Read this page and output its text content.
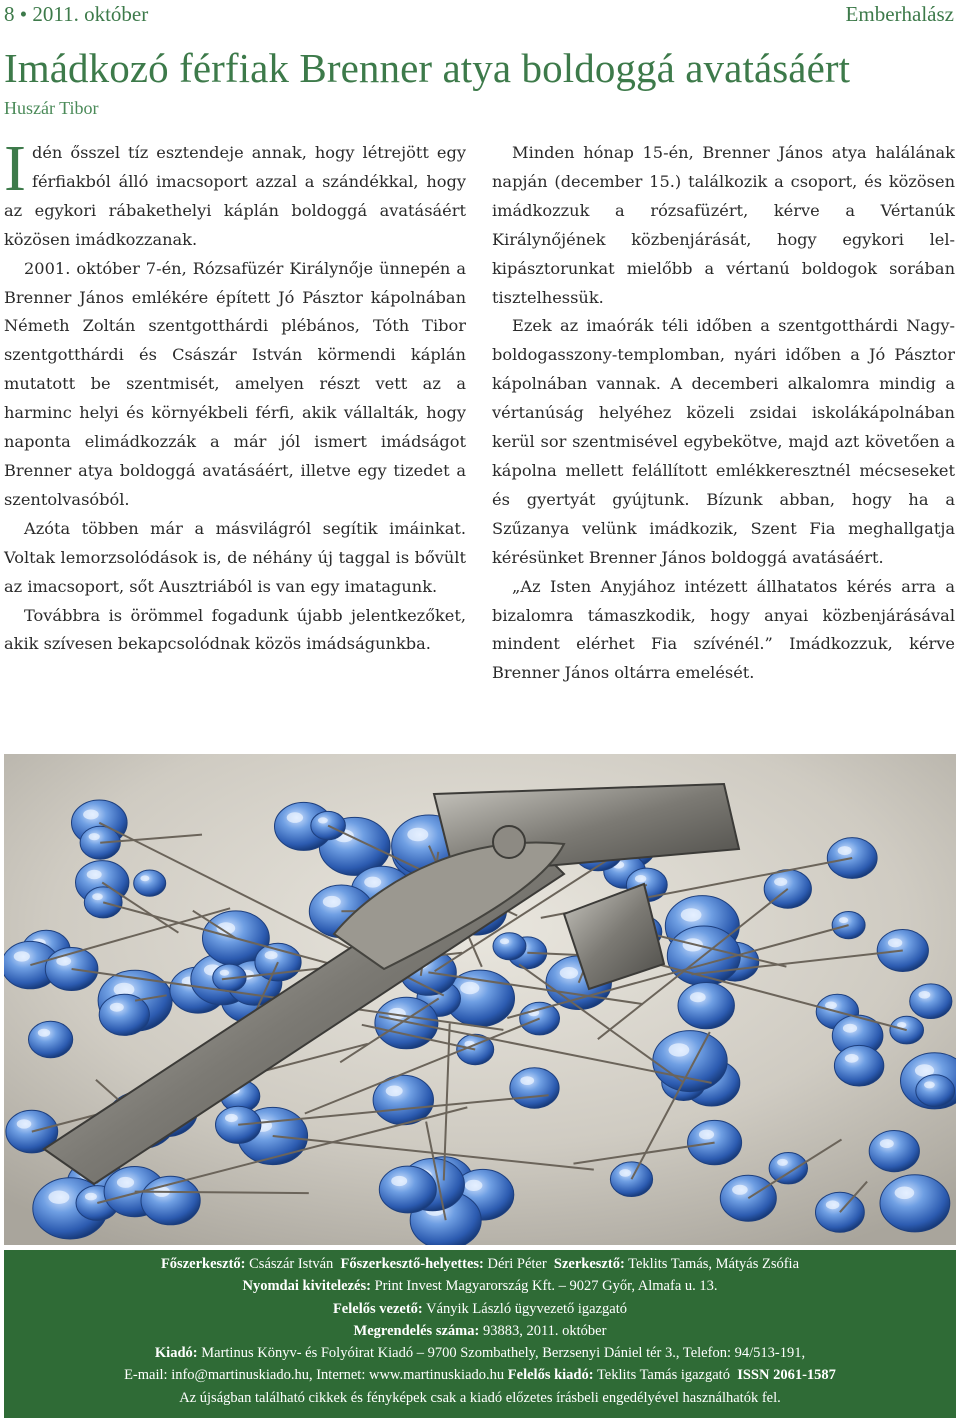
8 • 2011. október	Emberhalász
Imádkozó férfiak Brenner atya boldoggá avatásáért
Huszár Tibor

Idén ősszel tíz esztendeje annak, hogy létrejött egy férfiakból álló imacsoport azzal a szándékkal, hogy az egykori rábakethelyi káplán boldoggá avatásáért közösen imádkozzanak.

2001. október 7-én, Rózsafüzér Királynője ünnepén a Brenner János emlékére épített Jó Pásztor kápolnában Németh Zoltán szentgotthárdi plébános, Tóth Tibor szentgotthárdi és Császár István körmendi káplán mutatott be szentmisét, amelyen részt vett az a harminc helyi és környékbeli férfi, akik vállalták, hogy naponta elimádkozzák a már jól ismert imádságot Brenner atya boldoggá avatásáért, illetve egy tizedet a szentolvasóból.

Azóta többen már a másvilágról segítik imáinkat. Voltak lemorzsolódások is, de néhány új taggal is bővült az imacsoport, sőt Ausztriából is van egy imatagunk.

Továbbra is örömmel fogadunk újabb jelentkezőket, akik szívesen bekapcsolódnak közös imádságunkba.

Minden hónap 15-én, Brenner János atya halálának napján (december 15.) találkozik a csoport, és közösen imádkozzuk a rózsafüzért, kérve a Vértanúk Királynőjének közbenjárását, hogy egykori lelkipásztorunkat mielőbb a vértanú boldogok sorában tisztelhessük.

Ezek az imaórák téli időben a szentgotthárdi Nagyboldogasszony-templomban, nyári időben a Jó Pásztor kápolnában vannak. A decemberi alkalomra mindig a vértanúság helyéhez közeli zsidai iskolákápolnában kerül sor szentmisével egybekötve, majd azt követően a kápolna mellett felállított emlékkeresztnél mécseseket és gyertyát gyújtunk. Bízunk abban, hogy ha a Szűzanya velünk imádkozik, Szent Fia meghallgatja kérésünket Brenner János boldoggá avatásáért.

„Az Isten Anyjához intézett állhatatos kérés arra a bizalomra támaszkodik, hogy anyai közbenjárásával mindent elérhet Fia szívénél.” Imádkozzuk, kérve Brenner János oltárra emelését.

Főszerkesztő: Császár István Főszerkesztő-helyettes: Déri Péter Szerkesztő: Teklits Tamás, Mátyás Zsófia
Nyomdai kivitelezés: Print Invest Magyarország Kft. – 9027 Győr, Almafa u. 13.
Felelős vezető: Ványik László ügyvezető igazgató
Megrendelés száma: 93883, 2011. október
Kiadó: Martinus Könyv- és Folyóirat Kiadó – 9700 Szombathely, Berzsenyi Dániel tér 3., Telefon: 94/513-191,
E-mail: info@martinuskiado.hu, Internet: www.martinuskiado.hu Felelős kiadó: Teklits Tamás igazgató ISSN 2061-1587
Az újságban található cikkek és fényképek csak a kiadó előzetes írásbeli engedélyével használhatók fel.
